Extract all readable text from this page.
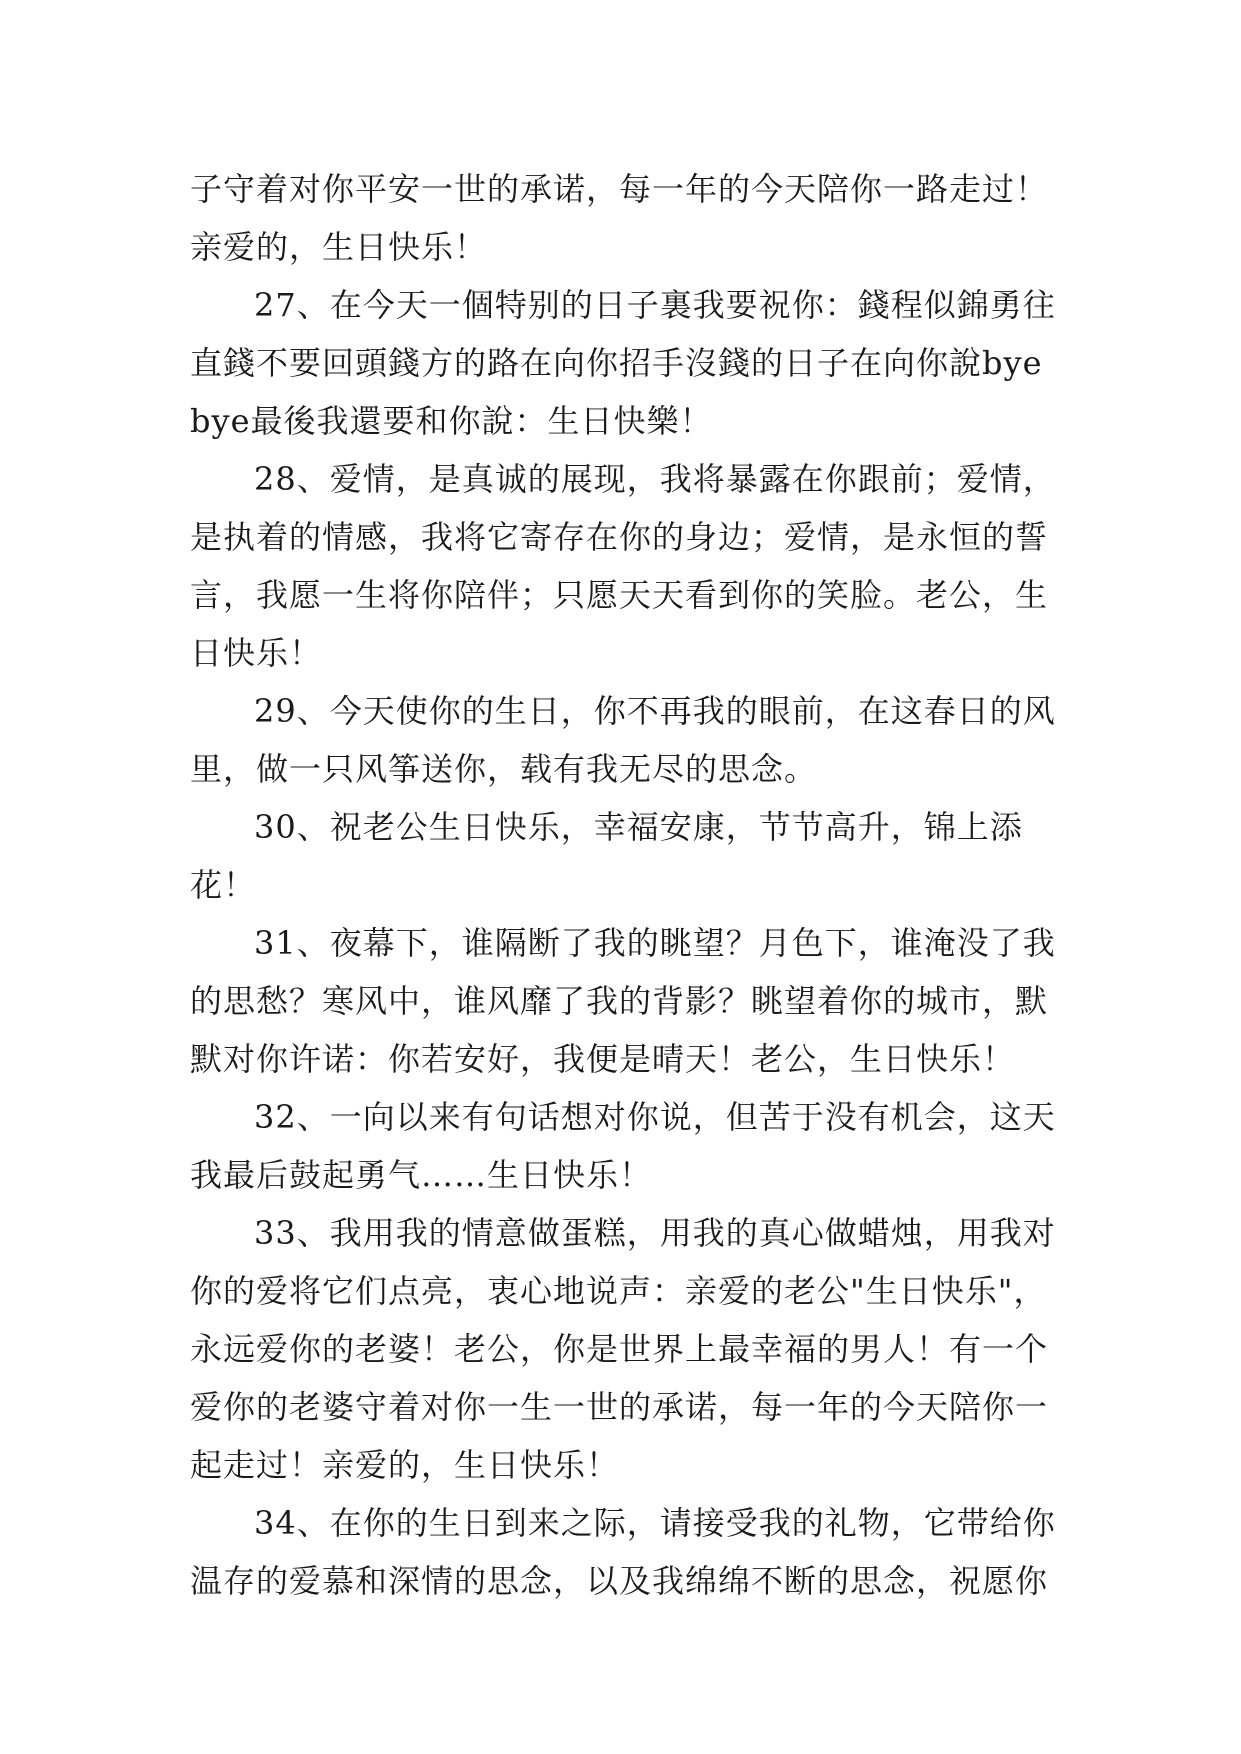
子守着对你平安一世的承诺，每一年的今天陪你一路走过！亲爱的，生日快乐！

27、在今天一個特别的日子裏我要祝你：錢程似錦勇往直錢不要回頭錢方的路在向你招手沒錢的日子在向你說byebye最後我還要和你說：生日快樂！

28、爱情，是真诚的展现，我将暴露在你跟前；爱情，是执着的情感，我将它寄存在你的身边；爱情，是永恒的誓言，我愿一生将你陪伴；只愿天天看到你的笑脸。老公，生日快乐！

29、今天使你的生日，你不再我的眼前，在这春日的风里，做一只风筝送你，载有我无尽的思念。

30、祝老公生日快乐，幸福安康，节节高升，锦上添花！

31、夜幕下，谁隔断了我的眺望？月色下，谁淹没了我的思愁？寒风中，谁风靡了我的背影？眺望着你的城市，默默对你许诺：你若安好，我便是晴天！老公，生日快乐！

32、一向以来有句话想对你说，但苦于没有机会，这天我最后鼓起勇气……生日快乐！

33、我用我的情意做蛋糕，用我的真心做蜡烛，用我对你的爱将它们点亮，衷心地说声：亲爱的老公"生日快乐"，永远爱你的老婆！老公，你是世界上最幸福的男人！有一个爱你的老婆守着对你一生一世的承诺，每一年的今天陪你一起走过！亲爱的，生日快乐！

34、在你的生日到来之际，请接受我的礼物，它带给你温存的爱慕和深情的思念，以及我绵绵不断的思念，祝愿你
